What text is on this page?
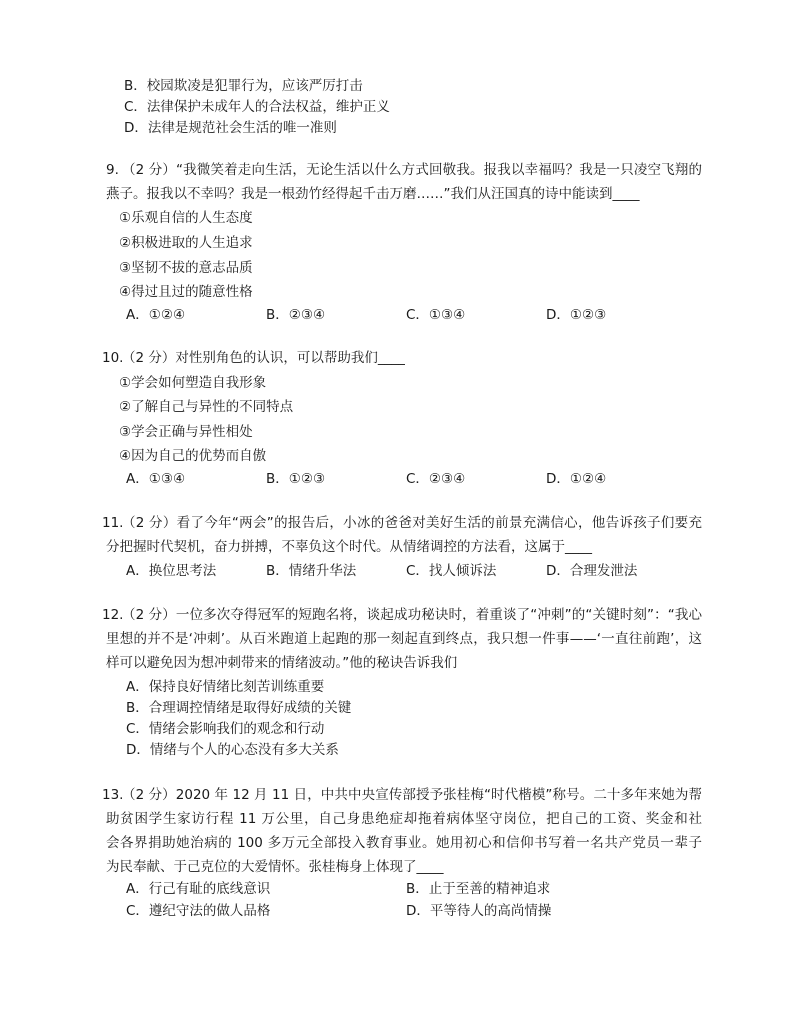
B．校园欺凌是犯罪行为，应该严厉打击
C．法律保护未成年人的合法权益，维护正义
D．法律是规范社会生活的唯一准则
9. （2 分）“我微笑着走向生活，无论生活以什么方式回敬我。报我以幸福吗？我是一只凌空飞翔的
燕子。报我以不幸吗？我是一根劲竹经得起千击万磨……”我们从汪国真的诗中能读到____
①乐观自信的人生态度
②积极进取的人生追求
③坚韧不拔的意志品质
④得过且过的随意性格
A．①②④	B．②③④	C．①③④	D．①②③
10.
（2 分）对性别角色的认识，可以帮助我们____
①学会如何塑造自我形象
②了解自己与异性的不同特点
③学会正确与异性相处
④因为自己的优势而自傲
A．①③④	B．①②③	C．②③④	D．①②④
11.
（2 分）看了今年“两会”的报告后，小冰的爸爸对美好生活的前景充满信心，他告诉孩子们要充
分把握时代契机，奋力拼搏，不辜负这个时代。从情绪调控的方法看，这属于____
A．换位思考法	B．情绪升华法	C．找人倾诉法	D．合理发泄法
12.
（2 分）一位多次夺得冠军的短跑名将，谈起成功秘诀时，着重谈了“冲刺”的“关键时刻”：“我心
里想的并不是‘冲刺’。从百米跑道上起跑的那一刻起直到终点，我只想一件事——‘一直往前跑’，这
样可以避免因为想冲刺带来的情绪波动。”他的秘诀告诉我们
A．保持良好情绪比刻苦训练重要
B．合理调控情绪是取得好成绩的关键
C．情绪会影响我们的观念和行动
D．情绪与个人的心态没有多大关系
13.
（2 分）2020 年 12 月 11 日，中共中央宣传部授予张桂梅“时代楷模”称号。二十多年来她为帮
助贫困学生家访行程 11 万公里，自己身患绝症却拖着病体坚守岗位，把自己的工资、奖金和社
会各界捐助她治病的 100 多万元全部投入教育事业。她用初心和信仰书写着一名共产党员一辈子
为民奉献、于己克位的大爱情怀。张桂梅身上体现了____
A．行己有耻的底线意识	B．止于至善的精神追求
C．遵纪守法的做人品格	D．平等待人的高尚情操
